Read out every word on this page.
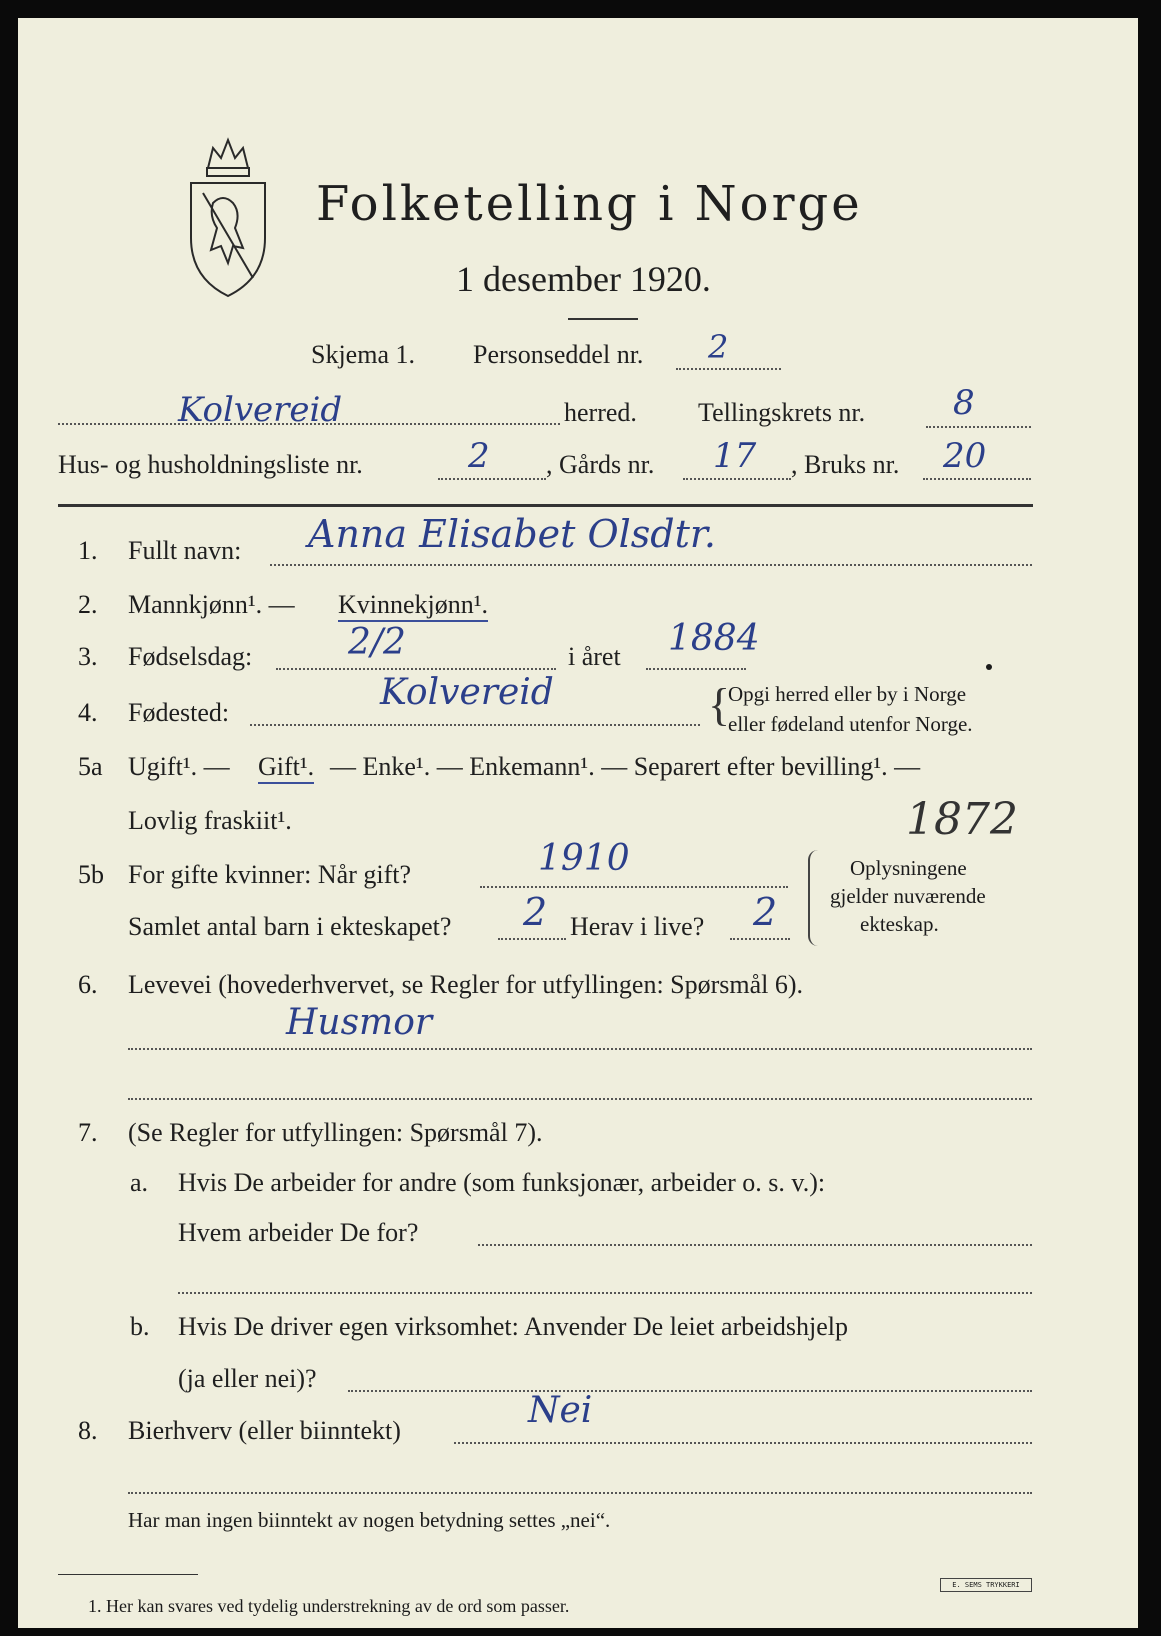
Folketelling i Norge
1 desember 1920.
Skjema 1. Personseddel nr. 2
Kolvereid	herred. Tellingskrets nr.	8
Hus- og husholdningsliste nr.	2 , Gårds nr. 17 , Bruks nr. 20
1. Fullt navn: Anna Elisabet Olsdtr.
2. Mannkjønn¹. — Kvinnekjønn¹.
3. Fødselsdag:	2/2	i året 1884
4. Fødested:	Kolvereid	{
Opgi herred eller by i Norge
eller fødeland utenfor Norge.
5a Ugift¹. — Gift¹. — Enke¹. — Enkemann¹. — Separert efter bevilling¹. —
Lovlig fraskiit¹.	1872
5b For gifte kvinner: Når gift?	1910
Samlet antal barn i ekteskapet? 2 Herav i live? 2
Oplysningene
gjelder nuværende
ekteskap.
6. Levevei (hovederhvervet, se Regler for utfyllingen: Spørsmål 6).
Husmor
7. (Se Regler for utfyllingen: Spørsmål 7).
a. Hvis De arbeider for andre (som funksjonær, arbeider o. s. v.):
Hvem arbeider De for?
b. Hvis De driver egen virksomhet: Anvender De leiet arbeidshjelp
(ja eller nei)?
8. Bierhverv (eller biinntekt)	Nei
Har man ingen biinntekt av nogen betydning settes „nei“.
1. Her kan svares ved tydelig understrekning av de ord som passer.
E. SEMS TRYKKERI
